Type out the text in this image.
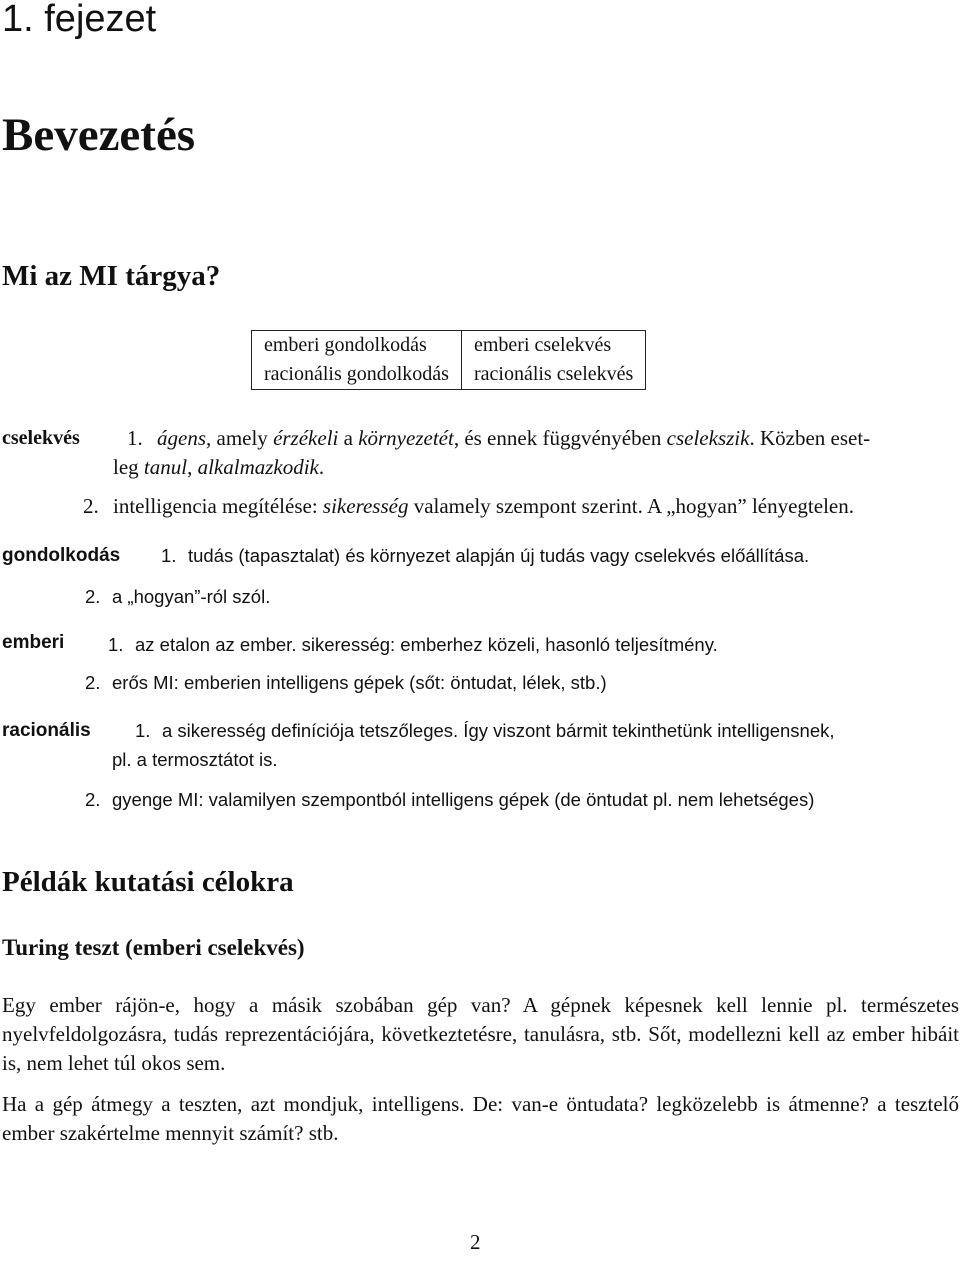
1. fejezet
Bevezetés
Mi az MI tárgya?
emberi gondolkodás	emberi cselekvés
racionális gondolkodás	racionális cselekvés
cselekvés 1. ágens, amely érzékeli a környezetét, és ennek függvényében cselekszik. Közben eset-
leg tanul, alkalmazkodik.
2. intelligencia megítélése: sikeresség valamely szempont szerint. A „hogyan” lényegtelen.
gondolkodás 1. tudás (tapasztalat) és környezet alapján új tudás vagy cselekvés előállítása.
2. a „hogyan”-ról szól.
emberi 1. az etalon az ember. sikeresség: emberhez közeli, hasonló teljesítmény.
2. erős MI: emberien intelligens gépek (sőt: öntudat, lélek, stb.)
racionális 1. a sikeresség definíciója tetszőleges. Így viszont bármit tekinthetünk intelligensnek,
pl. a termosztátot is.
2. gyenge MI: valamilyen szempontból intelligens gépek (de öntudat pl. nem lehetséges)
Példák kutatási célokra
Turing teszt (emberi cselekvés)
Egy ember rájön-e, hogy a másik szobában gép van? A gépnek képesnek kell lennie pl. természetes nyelvfeldolgozásra, tudás reprezentációjára, következtetésre, tanulásra, stb. Sőt, modellezni kell az ember hibáit is, nem lehet túl okos sem.
Ha a gép átmegy a teszten, azt mondjuk, intelligens. De: van-e öntudata? legközelebb is átmenne? a tesztelő ember szakértelme mennyit számít? stb.
2
